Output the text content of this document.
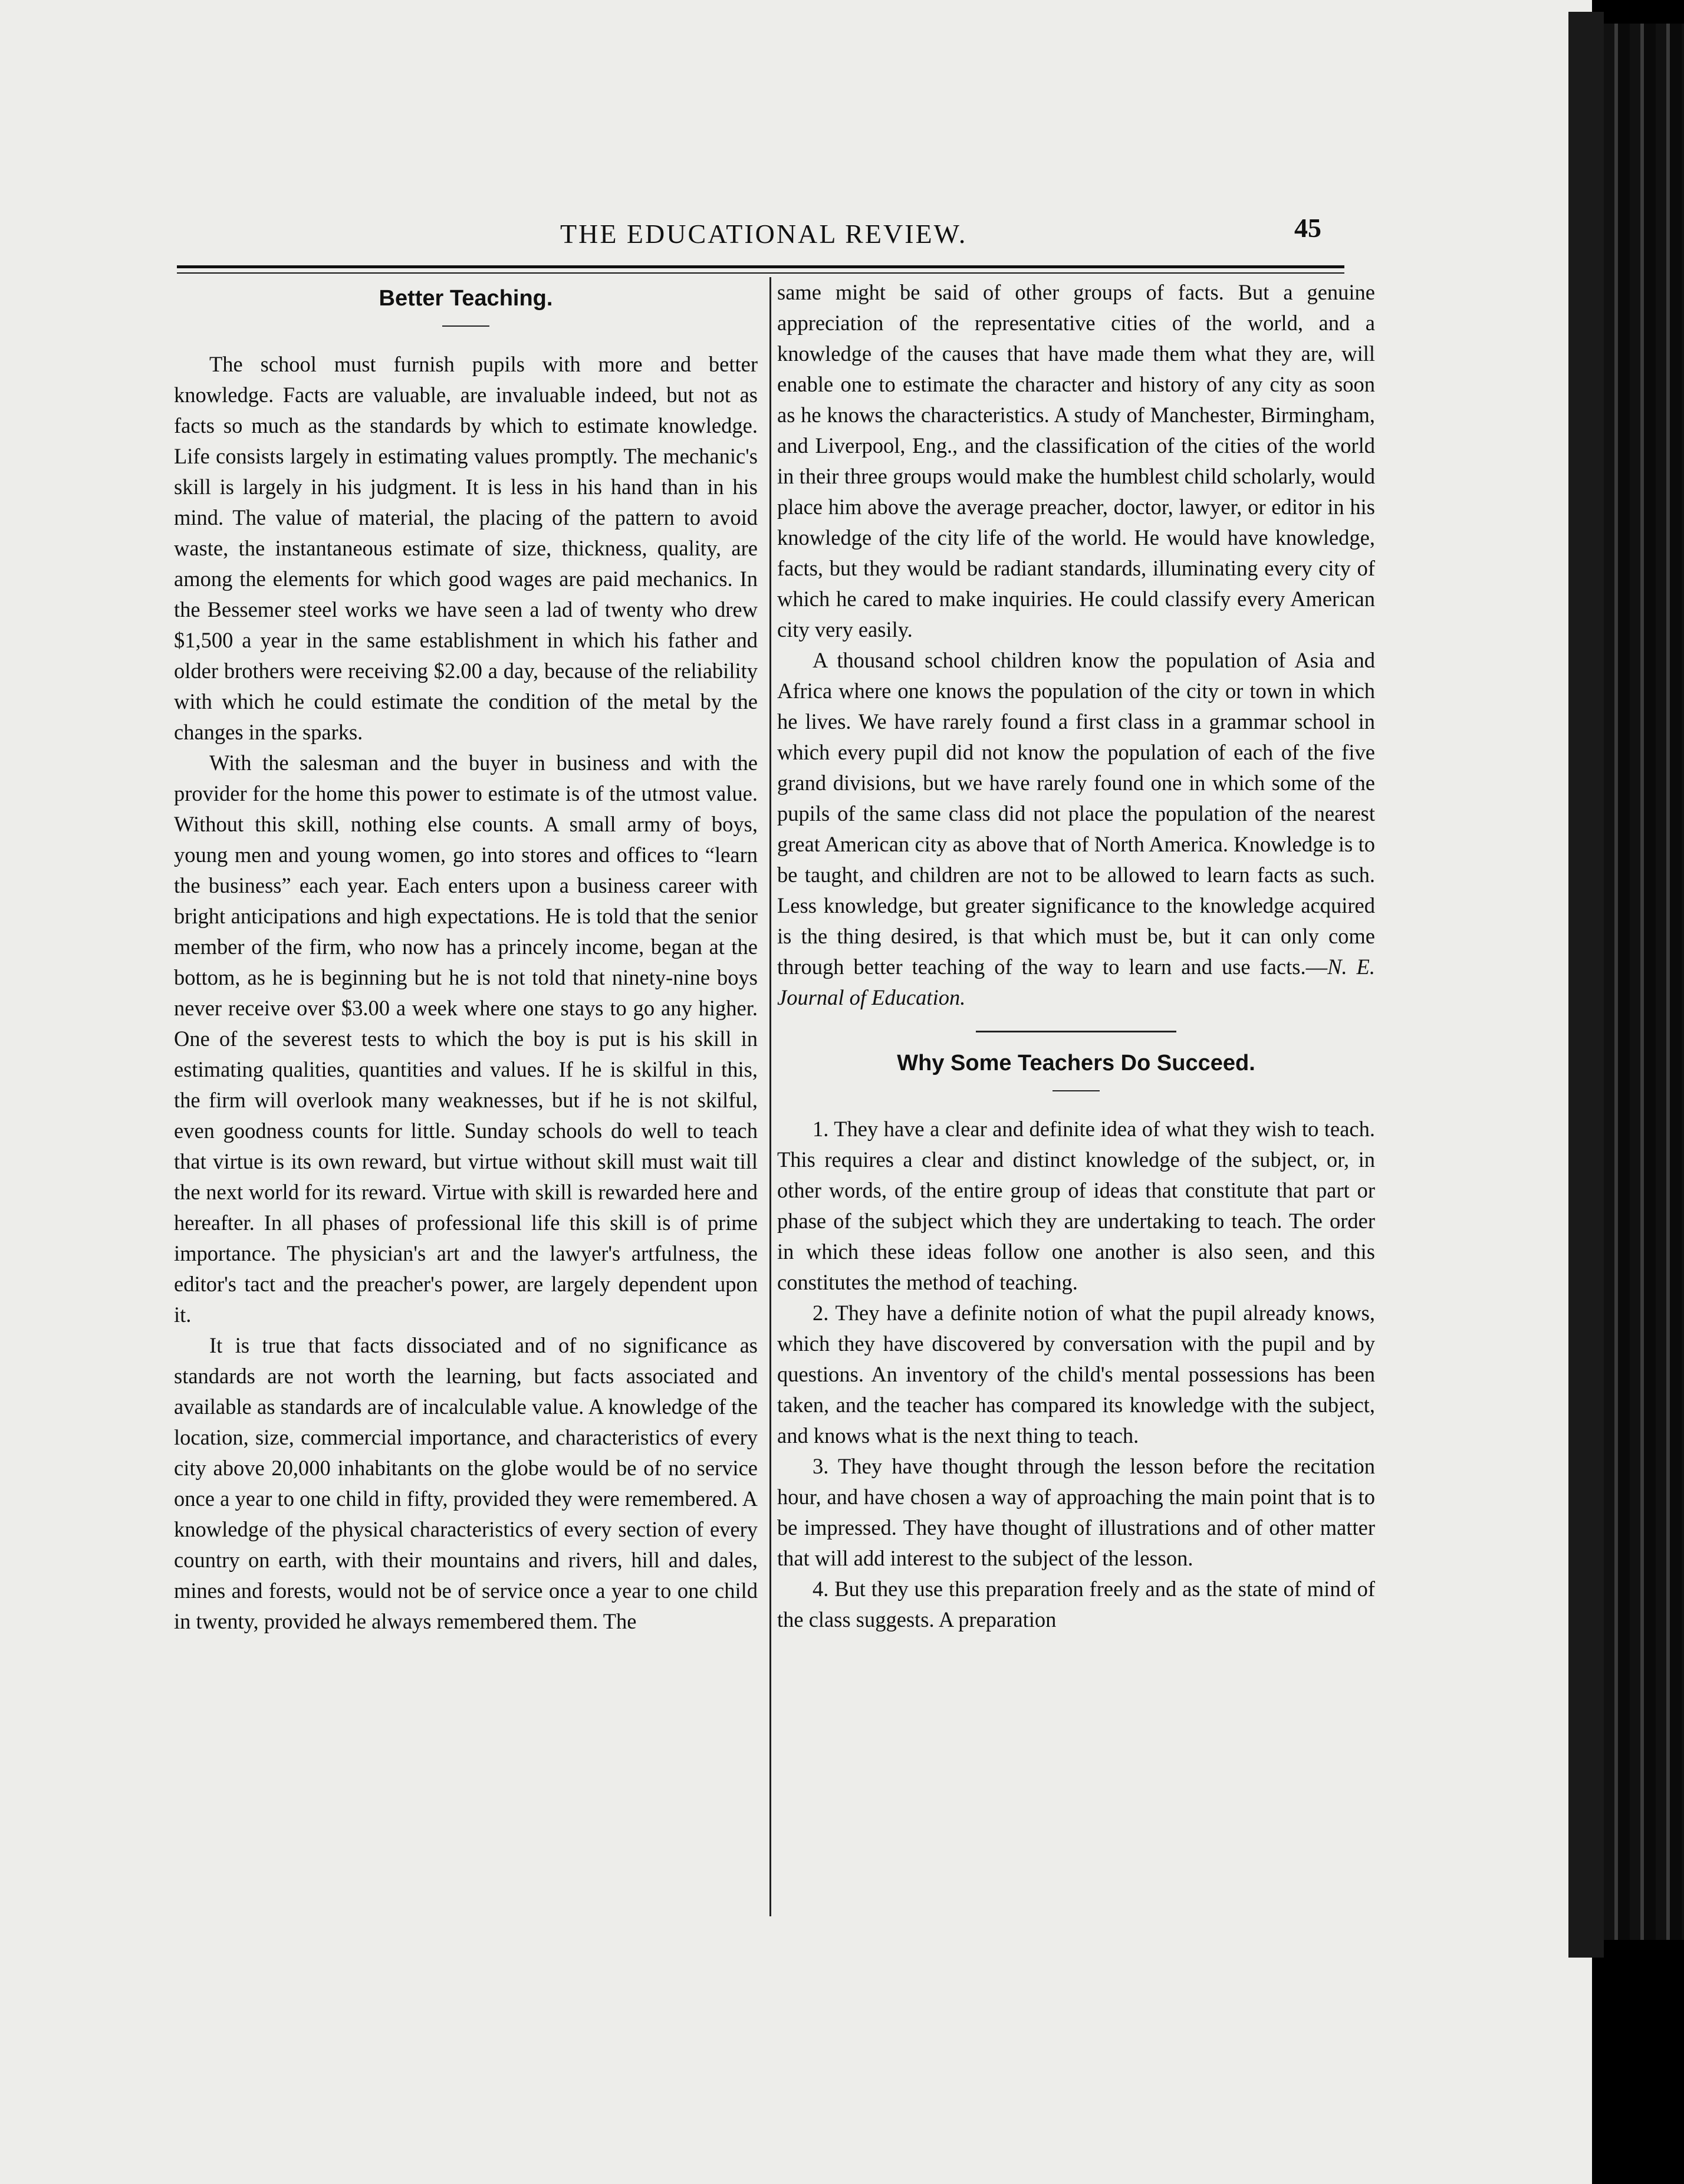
THE EDUCATIONAL REVIEW.	45
Better Teaching.

The school must furnish pupils with more and better knowledge. Facts are valuable, are invaluable indeed, but not as facts so much as the standards by which to estimate knowledge. Life consists largely in estimating values promptly. The mechanic's skill is largely in his judgment. It is less in his hand than in his mind. The value of material, the placing of the pattern to avoid waste, the instantaneous estimate of size, thickness, quality, are among the elements for which good wages are paid mechanics. In the Bessemer steel works we have seen a lad of twenty who drew $1,500 a year in the same establishment in which his father and older brothers were receiving $2.00 a day, because of the reliability with which he could estimate the condition of the metal by the changes in the sparks.

With the salesman and the buyer in business and with the provider for the home this power to estimate is of the utmost value. Without this skill, nothing else counts. A small army of boys, young men and young women, go into stores and offices to “learn the business” each year. Each enters upon a business career with bright anticipations and high expectations. He is told that the senior member of the firm, who now has a princely income, began at the bottom, as he is beginning but he is not told that ninety-nine boys never receive over $3.00 a week where one stays to go any higher. One of the severest tests to which the boy is put is his skill in estimating qualities, quantities and values. If he is skilful in this, the firm will overlook many weaknesses, but if he is not skilful, even goodness counts for little. Sunday schools do well to teach that virtue is its own reward, but virtue without skill must wait till the next world for its reward. Virtue with skill is rewarded here and hereafter. In all phases of professional life this skill is of prime importance. The physician's art and the lawyer's artfulness, the editor's tact and the preacher's power, are largely dependent upon it.

It is true that facts dissociated and of no significance as standards are not worth the learning, but facts associated and available as standards are of incalculable value. A knowledge of the location, size, commercial importance, and characteristics of every city above 20,000 inhabitants on the globe would be of no service once a year to one child in fifty, provided they were remembered. A knowledge of the physical characteristics of every section of every country on earth, with their mountains and rivers, hill and dales, mines and forests, would not be of service once a year to one child in twenty, provided he always remembered them. The

same might be said of other groups of facts. But a genuine appreciation of the representative cities of the world, and a knowledge of the causes that have made them what they are, will enable one to estimate the character and history of any city as soon as he knows the characteristics. A study of Manchester, Birmingham, and Liverpool, Eng., and the classification of the cities of the world in their three groups would make the humblest child scholarly, would place him above the average preacher, doctor, lawyer, or editor in his knowledge of the city life of the world. He would have knowledge, facts, but they would be radiant standards, illuminating every city of which he cared to make inquiries. He could classify every American city very easily.

A thousand school children know the population of Asia and Africa where one knows the population of the city or town in which he lives. We have rarely found a first class in a grammar school in which every pupil did not know the population of each of the five grand divisions, but we have rarely found one in which some of the pupils of the same class did not place the population of the nearest great American city as above that of North America. Knowledge is to be taught, and children are not to be allowed to learn facts as such. Less knowledge, but greater significance to the knowledge acquired is the thing desired, is that which must be, but it can only come through better teaching of the way to learn and use facts.—N. E. Journal of Education.

Why Some Teachers Do Succeed.

1. They have a clear and definite idea of what they wish to teach. This requires a clear and distinct knowledge of the subject, or, in other words, of the entire group of ideas that constitute that part or phase of the subject which they are undertaking to teach. The order in which these ideas follow one another is also seen, and this constitutes the method of teaching.

2. They have a definite notion of what the pupil already knows, which they have discovered by conversation with the pupil and by questions. An inventory of the child's mental possessions has been taken, and the teacher has compared its knowledge with the subject, and knows what is the next thing to teach.

3. They have thought through the lesson before the recitation hour, and have chosen a way of approaching the main point that is to be impressed. They have thought of illustrations and of other matter that will add interest to the subject of the lesson.

4. But they use this preparation freely and as the state of mind of the class suggests. A preparation
